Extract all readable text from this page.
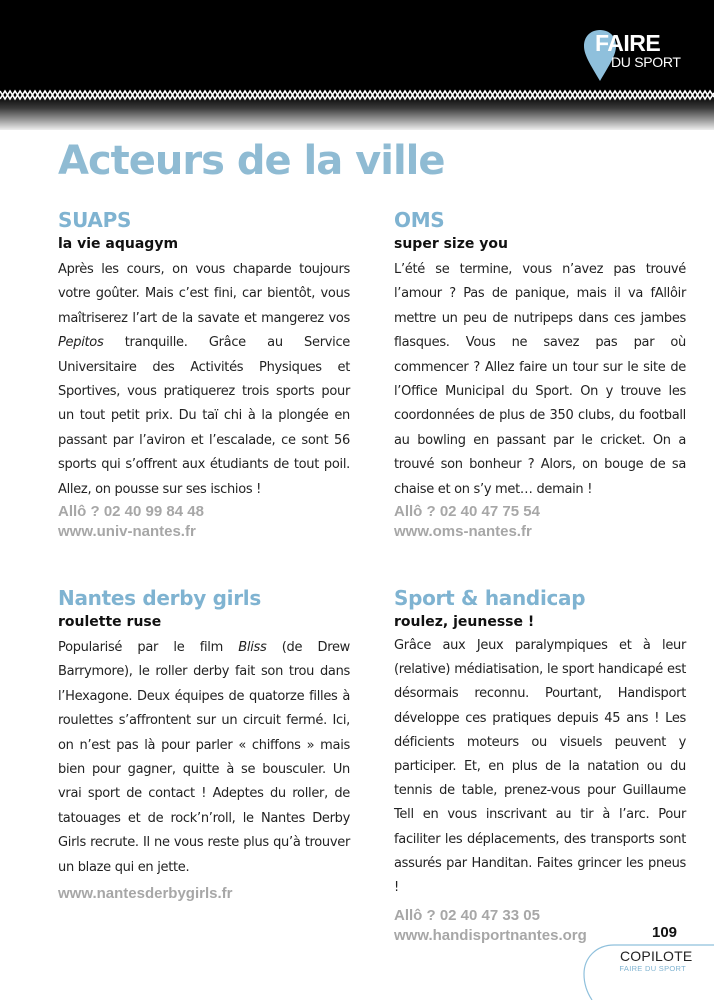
FAIRE
DU SPORT
Acteurs de la ville
SUAPS
la vie aquagym

Après les cours, on vous chaparde toujours votre goûter. Mais c’est fini, car bientôt, vous maîtriserez l’art de la savate et mangerez vos Pepitos tranquille. Grâce au Service Universitaire des Activités Physiques et Sportives, vous pratiquerez trois sports pour un tout petit prix. Du taï chi à la plongée en passant par l’aviron et l’escalade, ce sont 56 sports qui s’offrent aux étudiants de tout poil. Allez, on pousse sur ses ischios !

Allô ? 02 40 99 84 48
www.univ-nantes.fr
OMS
super size you

L’été se termine, vous n’avez pas trouvé l’amour ? Pas de panique, mais il va fAllôir mettre un peu de nutripeps dans ces jambes flasques. Vous ne savez pas par où commencer ? Allez faire un tour sur le site de l’Office Municipal du Sport. On y trouve les coordonnées de plus de 350 clubs, du football au bowling en passant par le cricket. On a trouvé son bonheur ? Alors, on bouge de sa chaise et on s’y met… demain !

Allô ? 02 40 47 75 54
www.oms-nantes.fr
Nantes derby girls
roulette ruse

Popularisé par le film Bliss (de Drew Barrymore), le roller derby fait son trou dans l’Hexagone. Deux équipes de quatorze filles à roulettes s’affrontent sur un circuit fermé. Ici, on n’est pas là pour parler « chiffons » mais bien pour gagner, quitte à se bousculer. Un vrai sport de contact ! Adeptes du roller, de tatouages et de rock’n’roll, le Nantes Derby Girls recrute. Il ne vous reste plus qu’à trouver un blaze qui en jette.

www.nantesderbygirls.fr
Sport & handicap
roulez, jeunesse !

Grâce aux Jeux paralympiques et à leur (relative) médiatisation, le sport handicapé est désormais reconnu. Pourtant, Handisport développe ces pratiques depuis 45 ans ! Les déficients moteurs ou visuels peuvent y participer. Et, en plus de la natation ou du tennis de table, prenez-vous pour Guillaume Tell en vous inscrivant au tir à l’arc. Pour faciliter les déplacements, des transports sont assurés par Handitan. Faites grincer les pneus !

Allô ? 02 40 47 33 05
www.handisportnantes.org	109
COPILOTE
FAIRE DU SPORT
